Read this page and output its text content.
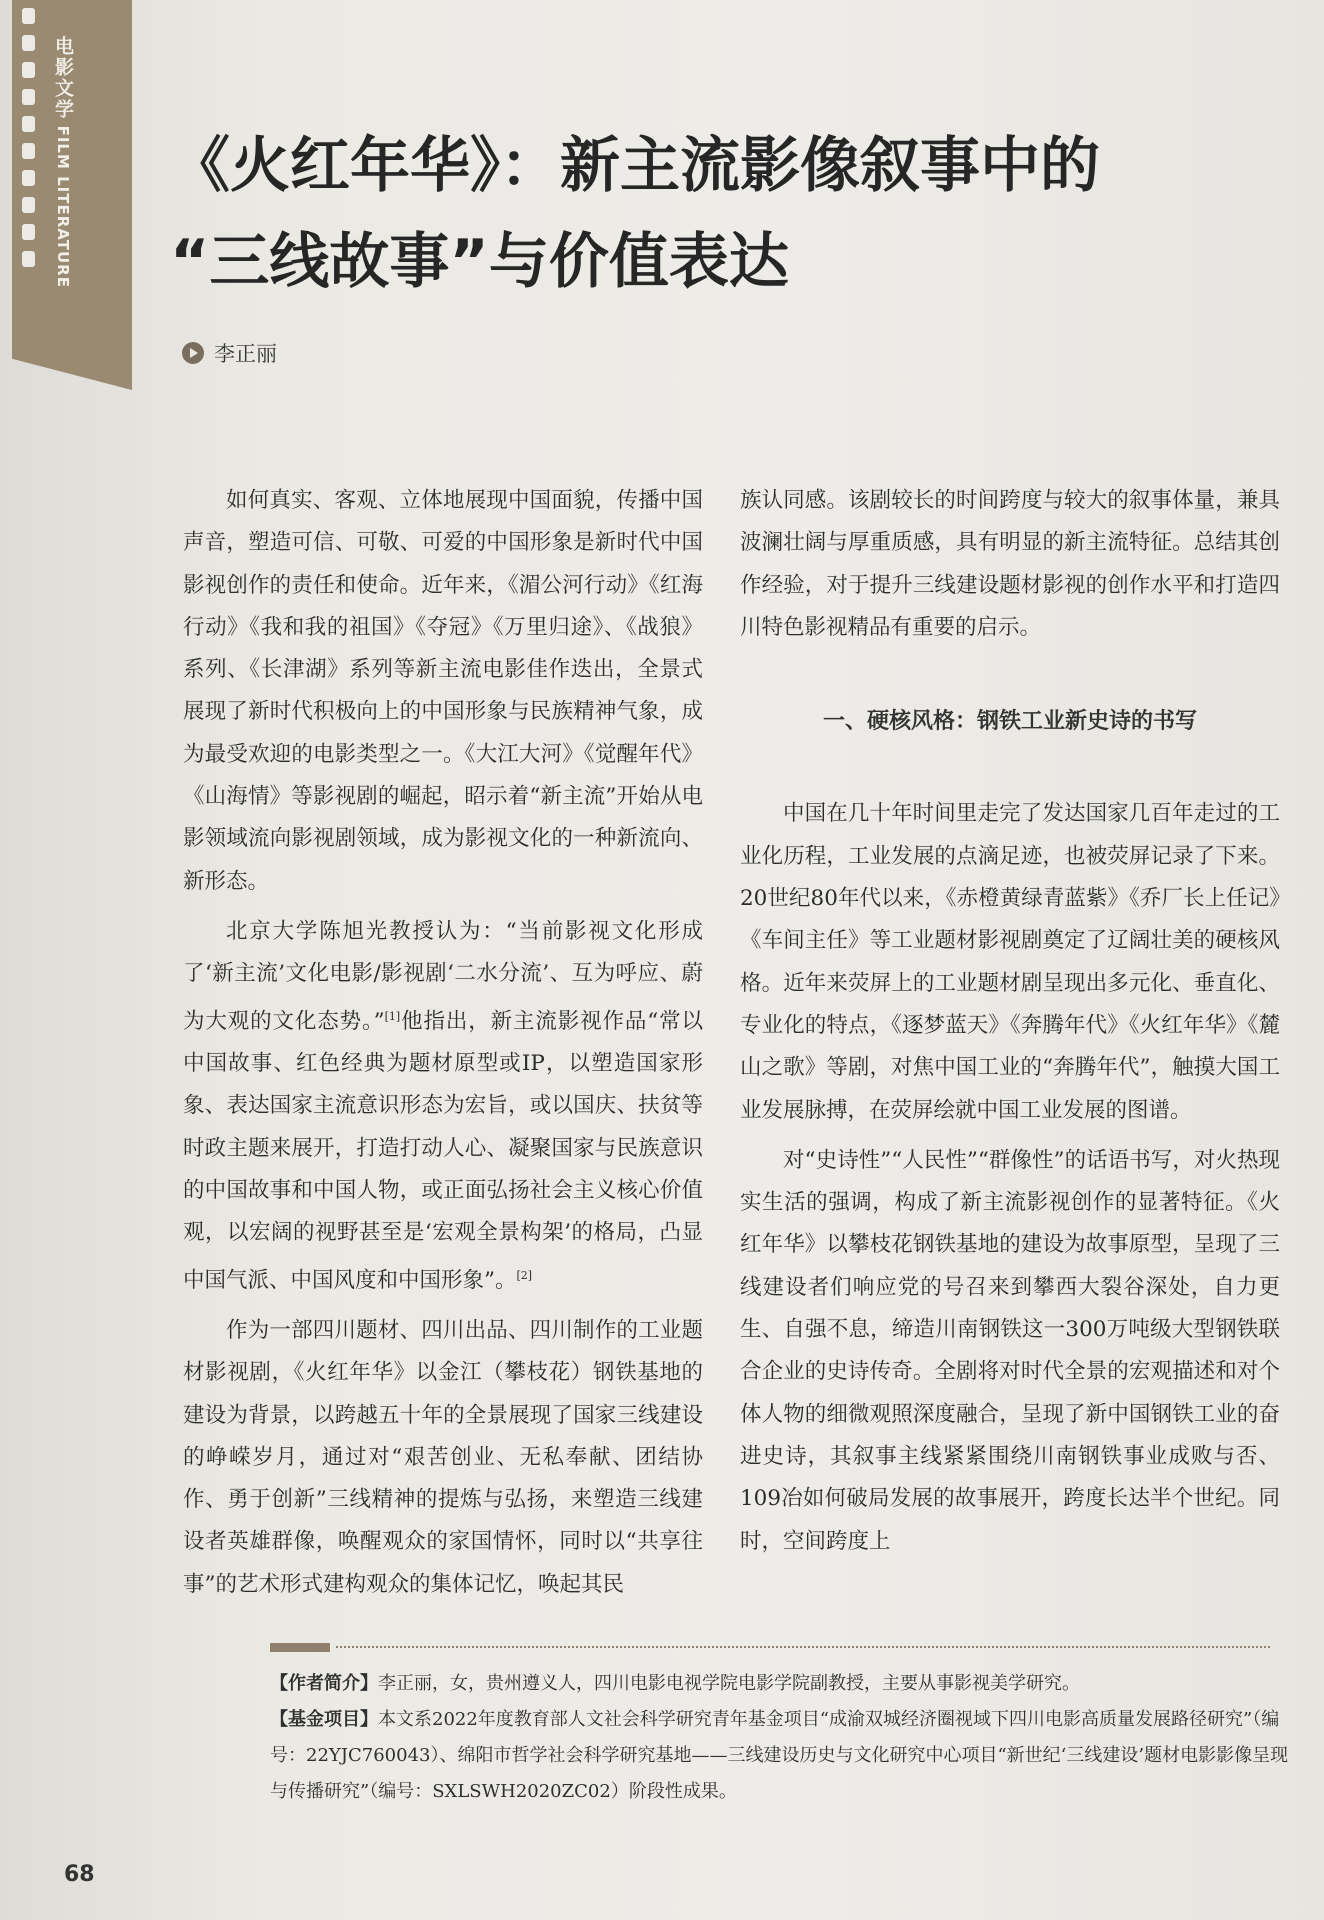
电影文学 FILM LITERATURE 《火红年华》：新主流影像叙事中的
“三线故事”与价值表达
李正丽

如何真实、客观、立体地展现中国面貌，传播中国声音，塑造可信、可敬、可爱的中国形象是新时代中国影视创作的责任和使命。近年来，《湄公河行动》《红海行动》《我和我的祖国》《夺冠》《万里归途》、《战狼》系列、《长津湖》系列等新主流电影佳作迭出，全景式展现了新时代积极向上的中国形象与民族精神气象，成为最受欢迎的电影类型之一。《大江大河》《觉醒年代》《山海情》等影视剧的崛起，昭示着“新主流”开始从电影领域流向影视剧领域，成为影视文化的一种新流向、新形态。

北京大学陈旭光教授认为：“当前影视文化形成了‘新主流’文化电影/影视剧‘二水分流’、互为呼应、蔚为大观的文化态势。”[1]他指出，新主流影视作品“常以中国故事、红色经典为题材原型或IP，以塑造国家形象、表达国家主流意识形态为宏旨，或以国庆、扶贫等时政主题来展开，打造打动人心、凝聚国家与民族意识的中国故事和中国人物，或正面弘扬社会主义核心价值观，以宏阔的视野甚至是‘宏观全景构架’的格局，凸显中国气派、中国风度和中国形象”。[2]

作为一部四川题材、四川出品、四川制作的工业题材影视剧，《火红年华》以金江（攀枝花）钢铁基地的建设为背景，以跨越五十年的全景展现了国家三线建设的峥嵘岁月，通过对“艰苦创业、无私奉献、团结协作、勇于创新”三线精神的提炼与弘扬，来塑造三线建设者英雄群像，唤醒观众的家国情怀，同时以“共享往事”的艺术形式建构观众的集体记忆，唤起其民

族认同感。该剧较长的时间跨度与较大的叙事体量，兼具波澜壮阔与厚重质感，具有明显的新主流特征。总结其创作经验，对于提升三线建设题材影视的创作水平和打造四川特色影视精品有重要的启示。

一、硬核风格：钢铁工业新史诗的书写

中国在几十年时间里走完了发达国家几百年走过的工业化历程，工业发展的点滴足迹，也被荧屏记录了下来。20世纪80年代以来，《赤橙黄绿青蓝紫》《乔厂长上任记》《车间主任》等工业题材影视剧奠定了辽阔壮美的硬核风格。近年来荧屏上的工业题材剧呈现出多元化、垂直化、专业化的特点，《逐梦蓝天》《奔腾年代》《火红年华》《麓山之歌》等剧，对焦中国工业的“奔腾年代”，触摸大国工业发展脉搏，在荧屏绘就中国工业发展的图谱。

对“史诗性”“人民性”“群像性”的话语书写，对火热现实生活的强调，构成了新主流影视创作的显著特征。《火红年华》以攀枝花钢铁基地的建设为故事原型，呈现了三线建设者们响应党的号召来到攀西大裂谷深处，自力更生、自强不息，缔造川南钢铁这一300万吨级大型钢铁联合企业的史诗传奇。全剧将对时代全景的宏观描述和对个体人物的细微观照深度融合，呈现了新中国钢铁工业的奋进史诗，其叙事主线紧紧围绕川南钢铁事业成败与否、109冶如何破局发展的故事展开，跨度长达半个世纪。同时，空间跨度上

【作者简介】李正丽，女，贵州遵义人，四川电影电视学院电影学院副教授，主要从事影视美学研究。

【基金项目】本文系2022年度教育部人文社会科学研究青年基金项目“成渝双城经济圈视域下四川电影高质量发展路径研究”（编号：22YJC760043）、绵阳市哲学社会科学研究基地——三线建设历史与文化研究中心项目“新世纪‘三线建设’题材电影影像呈现与传播研究”（编号：SXLSWH2020ZC02）阶段性成果。

68
